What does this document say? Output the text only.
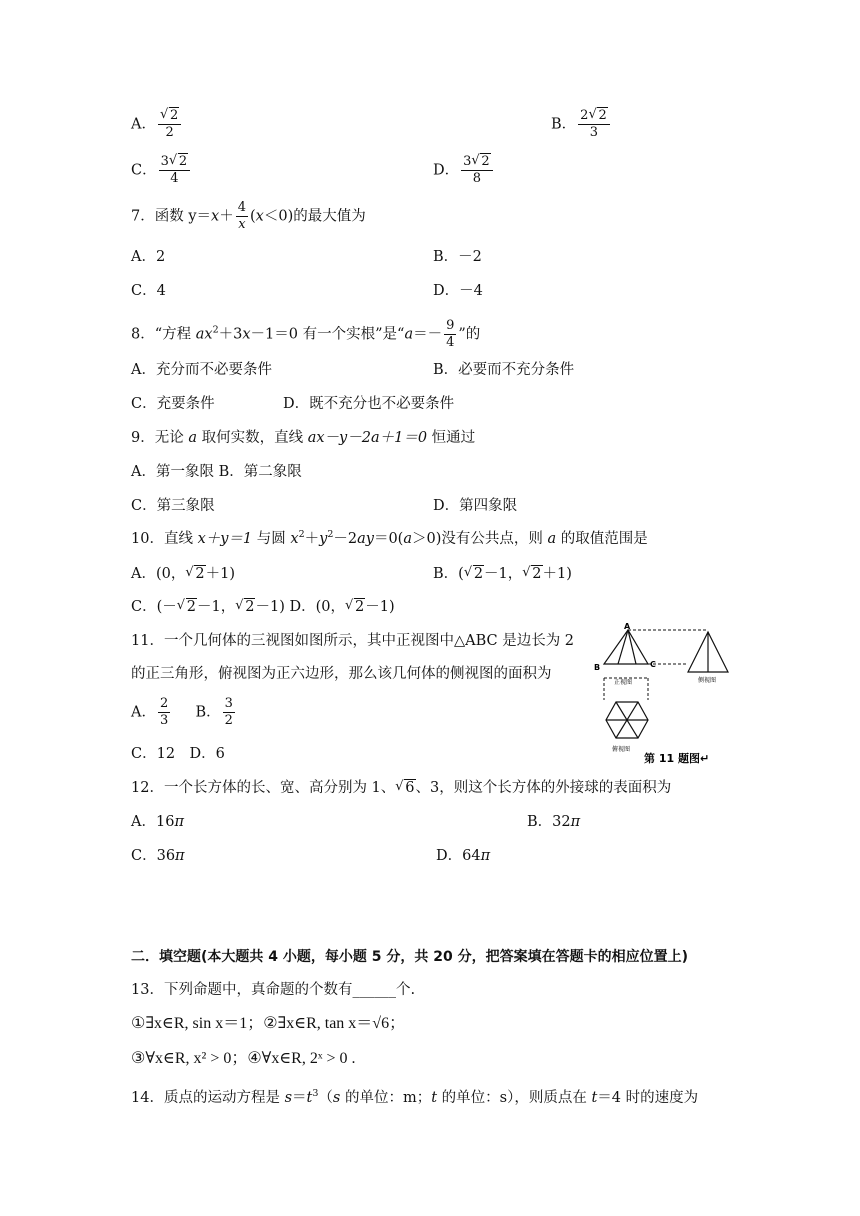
A． √ $\frac{2}{2}$	B． $\frac{2 √ 2}{3}$
C． $\frac{3 √ 2}{4}$	D． $\frac{3 √ 2}{8}$
7．函数 $y=x+ \frac{4}{x} (x<0)$的最大值为
A．2	B．－2
C．4	D．－4
8．“方程 $ax^2+3x-1=0$ 有一个实根”是“$a=- \frac{9}{4}$ ”的
A．充分而不必要条件	B．必要而不充分条件
C．充要条件	D．既不充分也不必要条件
9．无论 a 取何实数，直线 ax－y－2a＋1＝0 恒通过
A．第一象限 B．第二象限
C．第三象限	D．第四象限
10．直线 x＋y＝1 与圆 $x^2+y^2-2ay=0(a>0)$没有公共点，则 a 的取值范围是
A．(0， √ 2＋1)	B．( √ 2－1， √ 2＋1)
C．(－ √ 2－1， √ 2－1) D．(0， √ 2－1)
11．一个几何体的三视图如图所示，其中正视图中△ABC 是边长为 2
的正三角形，俯视图为正六边形，那么该几何体的侧视图的面积为
A． $\frac{2}{3}$ B． $\frac{3}{2}$
C．12　D．6
A
B	C
正视图	侧视图
俯视图
第 11 题图↵
12．一个长方体的长、宽、高分别为 1、 √ 6、3，则这个长方体的外接球的表面积为
A．16π	B．32π
C．36π	D．64π
二．填空题(本大题共 4 小题，每小题 5 分，共 20 分，把答案填在答题卡的相应位置上)
13．下列命题中，真命题的个数有______个.
①∃x∈R, sin x＝1；②∃x∈R, tan x＝√6；
③∀x∈R, x² > 0；④∀x∈R, 2ˣ > 0 .
14．质点的运动方程是 $s=t^3(s$ 的单位：m；t 的单位：s），则质点在 t＝4 时的速度为
